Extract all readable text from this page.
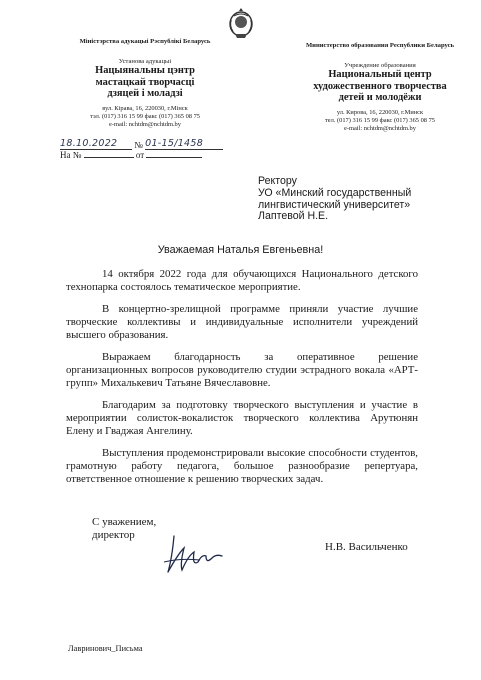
Міністэрства адукацыі Рэспублікі Беларусь
Установа адукацыі
Нацыянальны цэнтр
мастацкай творчасці
дзяцей і моладзі
вул. Кірава, 16, 220030, г.Мінск
тэл. (017) 316 15 99 факс (017) 365 08 75
e-mail: nchtdm@nchtdm.by
Министерство образования Республики Беларусь
Учреждение образования
Национальный центр
художественного творчества
детей и молодёжи
ул. Кирова, 16, 220030, г.Минск
тел. (017) 316 15 99 факс (017) 365 08 75
e-mail: nchtdm@nchtdm.by
18.10.2022 № 01-15/1458
На №	от
Ректору
УО «Минский государственный
лингвистический университет»
Лаптевой Н.Е.
Уважаемая Наталья Евгеньевна!

14 октября 2022 года для обучающихся Национального детского технопарка состоялось тематическое мероприятие.

В концертно-зрелищной программе приняли участие лучшие творческие коллективы и индивидуальные исполнители учреждений высшего образования.

Выражаем благодарность за оперативное решение организационных вопросов руководителю студии эстрадного вокала «АРТ-групп» Михалькевич Татьяне Вячеславовне.

Благодарим за подготовку творческого выступления и участие в мероприятии солисток-вокалисток творческого коллектива Арутюнян Елену и Гваджая Ангелину.

Выступления продемонстрировали высокие способности студентов, грамотную работу педагога, большое разнообразие репертуара, ответственное отношение к решению творческих задач.

С уважением,
директор
Н.В. Васильченко
Лавринович_Письма
